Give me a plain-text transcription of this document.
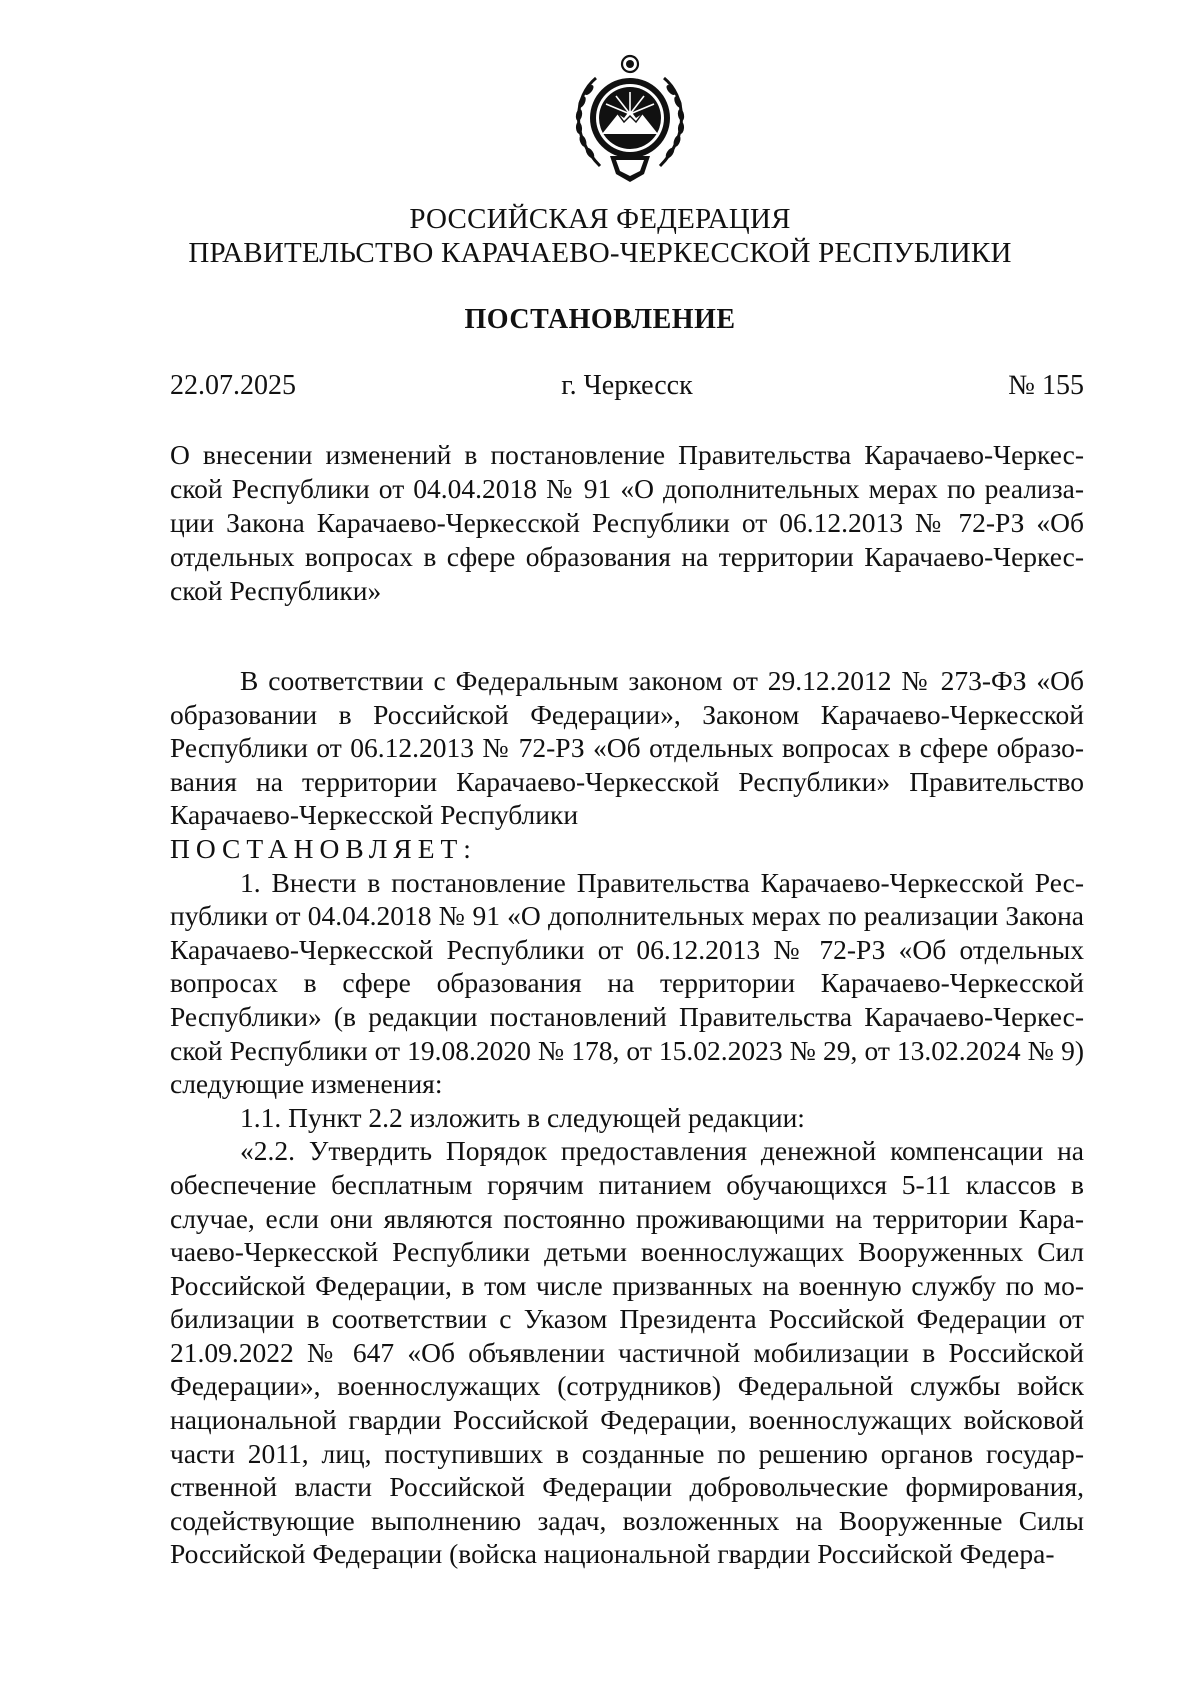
РОССИЙСКАЯ ФЕДЕРАЦИЯ
ПРАВИТЕЛЬСТВО КАРАЧАЕВО-ЧЕРКЕССКОЙ РЕСПУБЛИКИ
ПОСТАНОВЛЕНИЕ
22.07.2025	г. Черкесск	№ 155
О внесении изменений в постановление Правительства Карачаево-Черкесской Республики от 04.04.2018 № 91 «О дополнительных мерах по реализации Закона Карачаево-Черкесской Республики от 06.12.2013 № 72-РЗ «Об отдельных вопросах в сфере образования на территории Карачаево-Черкесской Республики»

В соответствии с Федеральным законом от 29.12.2012 № 273-ФЗ «Об образовании в Российской Федерации», Законом Карачаево-Черкесской Республики от 06.12.2013 № 72-РЗ «Об отдельных вопросах в сфере образования на территории Карачаево-Черкесской Республики» Правительство Карачаево-Черкесской Республики

ПОСТАНОВЛЯЕТ:

1. Внести в постановление Правительства Карачаево-Черкесской Республики от 04.04.2018 № 91 «О дополнительных мерах по реализации Закона Карачаево-Черкесской Республики от 06.12.2013 № 72-РЗ «Об отдельных вопросах в сфере образования на территории Карачаево-Черкесской Республики» (в редакции постановлений Правительства Карачаево-Черкесской Республики от 19.08.2020 № 178, от 15.02.2023 № 29, от 13.02.2024 № 9) следующие изменения:

1.1. Пункт 2.2 изложить в следующей редакции:

«2.2. Утвердить Порядок предоставления денежной компенсации на обеспечение бесплатным горячим питанием обучающихся 5-11 классов в случае, если они являются постоянно проживающими на территории Карачаево-Черкесской Республики детьми военнослужащих Вооруженных Сил Российской Федерации, в том числе призванных на военную службу по мобилизации в соответствии с Указом Президента Российской Федерации от 21.09.2022 № 647 «Об объявлении частичной мобилизации в Российской Федерации», военнослужащих (сотрудников) Федеральной службы войск национальной гвардии Российской Федерации, военнослужащих войсковой части 2011, лиц, поступивших в созданные по решению органов государственной власти Российской Федерации добровольческие формирования, содействующие выполнению задач, возложенных на Вооруженные Силы Российской Федерации (войска национальной гвардии Российской Федера-
